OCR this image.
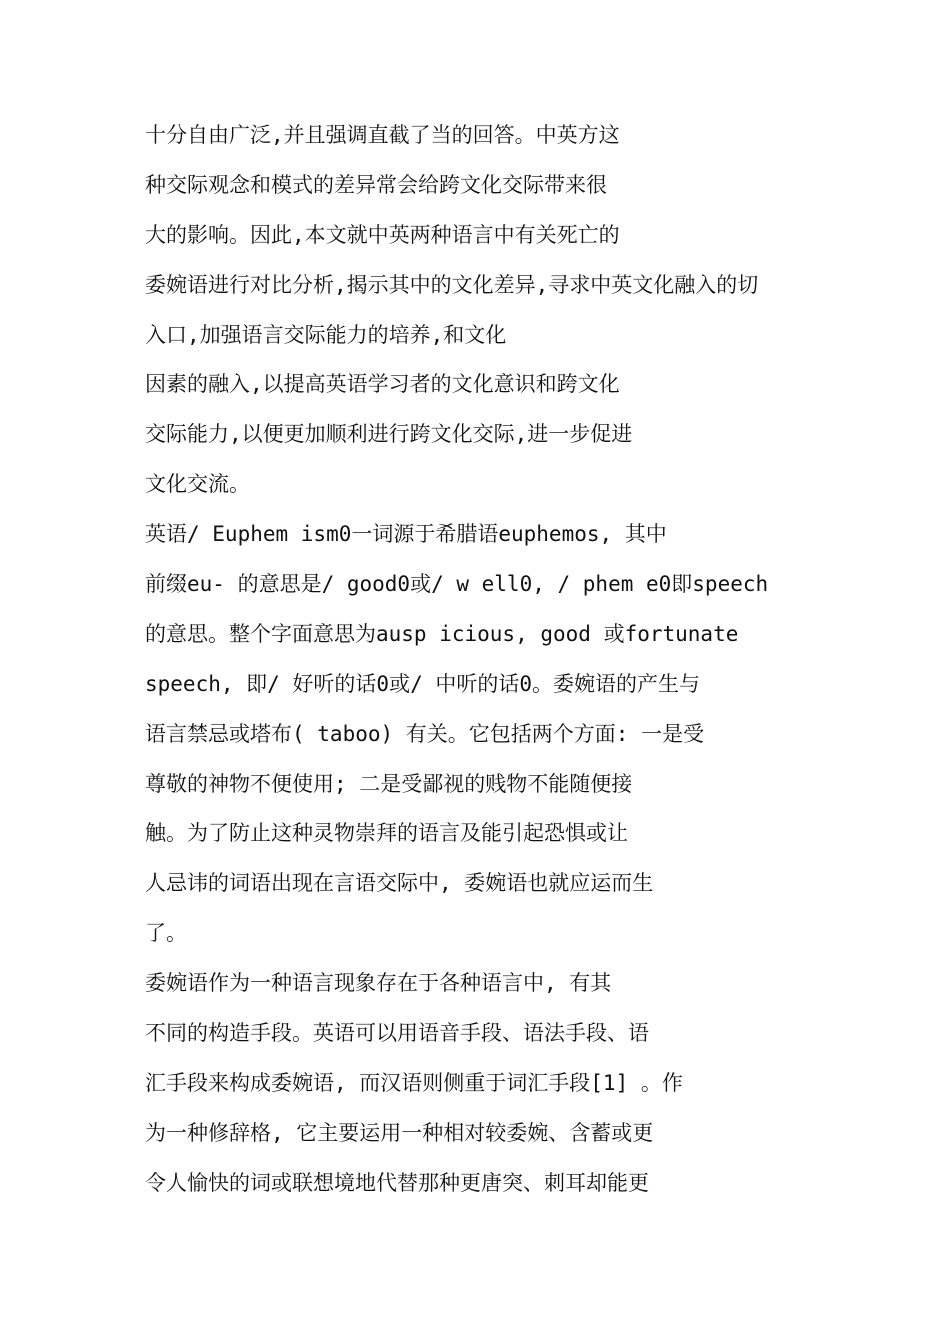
十分自由广泛,并且强调直截了当的回答。中英方这
种交际观念和模式的差异常会给跨文化交际带来很
大的影响。因此,本文就中英两种语言中有关死亡的
委婉语进行对比分析,揭示其中的文化差异,寻求中英文化融入的切
入口,加强语言交际能力的培养,和文化
因素的融入,以提高英语学习者的文化意识和跨文化
交际能力,以便更加顺利进行跨文化交际,进一步促进
文化交流。
英语/ Euphem ism0一词源于希腊语euphemos, 其中
前缀eu- 的意思是/ good0或/ w ell0, / phem e0即speech
的意思。整个字面意思为ausp icious, good 或fortunate
speech, 即/ 好听的话0或/ 中听的话0。委婉语的产生与
语言禁忌或塔布( taboo) 有关。它包括两个方面: 一是受
尊敬的神物不便使用; 二是受鄙视的贱物不能随便接
触。为了防止这种灵物崇拜的语言及能引起恐惧或让
人忌讳的词语出现在言语交际中, 委婉语也就应运而生
了。
委婉语作为一种语言现象存在于各种语言中, 有其
不同的构造手段。英语可以用语音手段、语法手段、语
汇手段来构成委婉语, 而汉语则侧重于词汇手段[1] 。作
为一种修辞格, 它主要运用一种相对较委婉、含蓄或更
令人愉快的词或联想境地代替那种更唐突、刺耳却能更
